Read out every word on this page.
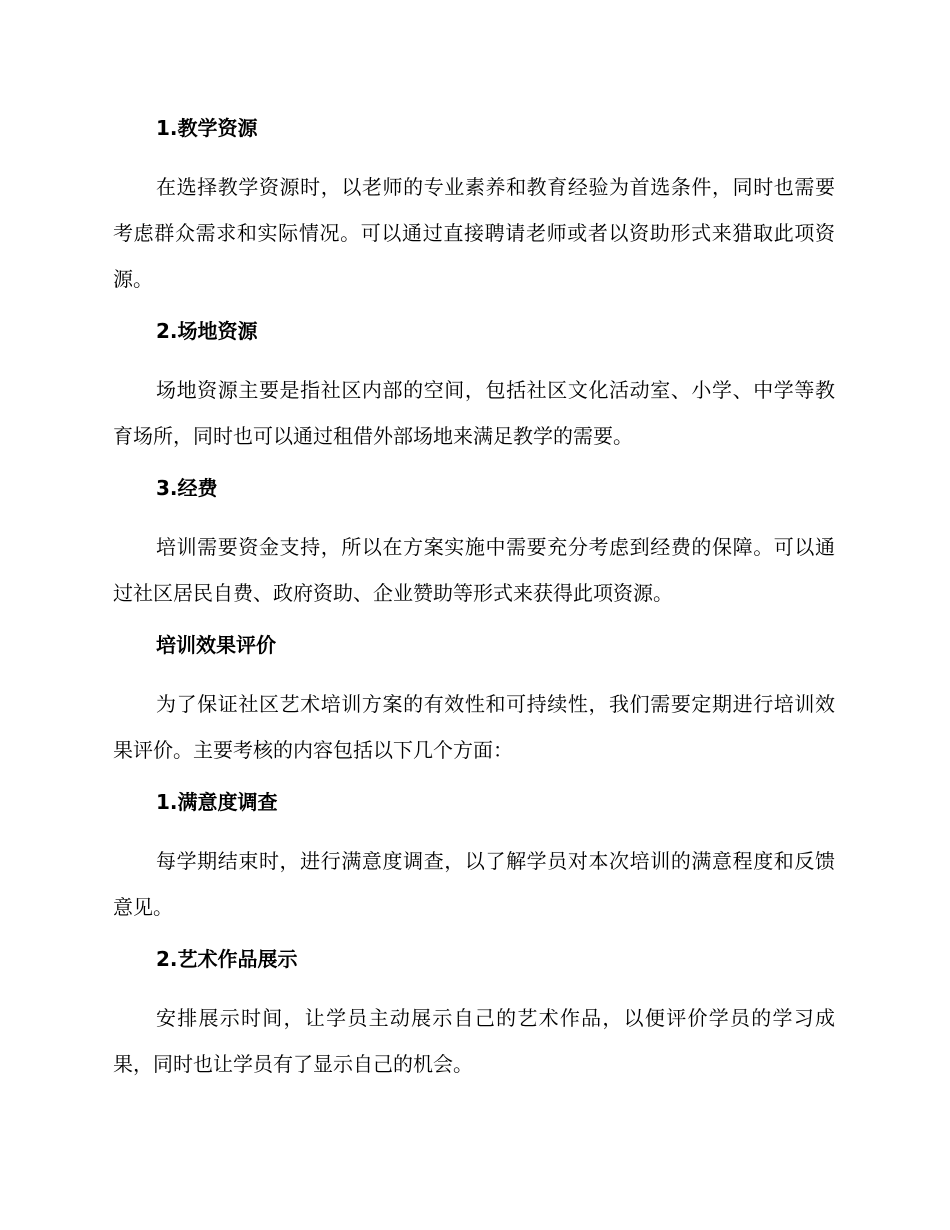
1.教学资源

在选择教学资源时，以老师的专业素养和教育经验为首选条件，同时也需要考虑群众需求和实际情况。可以通过直接聘请老师或者以资助形式来猎取此项资源。

2.场地资源

场地资源主要是指社区内部的空间，包括社区文化活动室、小学、中学等教育场所，同时也可以通过租借外部场地来满足教学的需要。

3.经费

培训需要资金支持，所以在方案实施中需要充分考虑到经费的保障。可以通过社区居民自费、政府资助、企业赞助等形式来获得此项资源。

培训效果评价

为了保证社区艺术培训方案的有效性和可持续性，我们需要定期进行培训效果评价。主要考核的内容包括以下几个方面：

1.满意度调查

每学期结束时，进行满意度调查，以了解学员对本次培训的满意程度和反馈意见。

2.艺术作品展示

安排展示时间，让学员主动展示自己的艺术作品，以便评价学员的学习成果，同时也让学员有了显示自己的机会。
